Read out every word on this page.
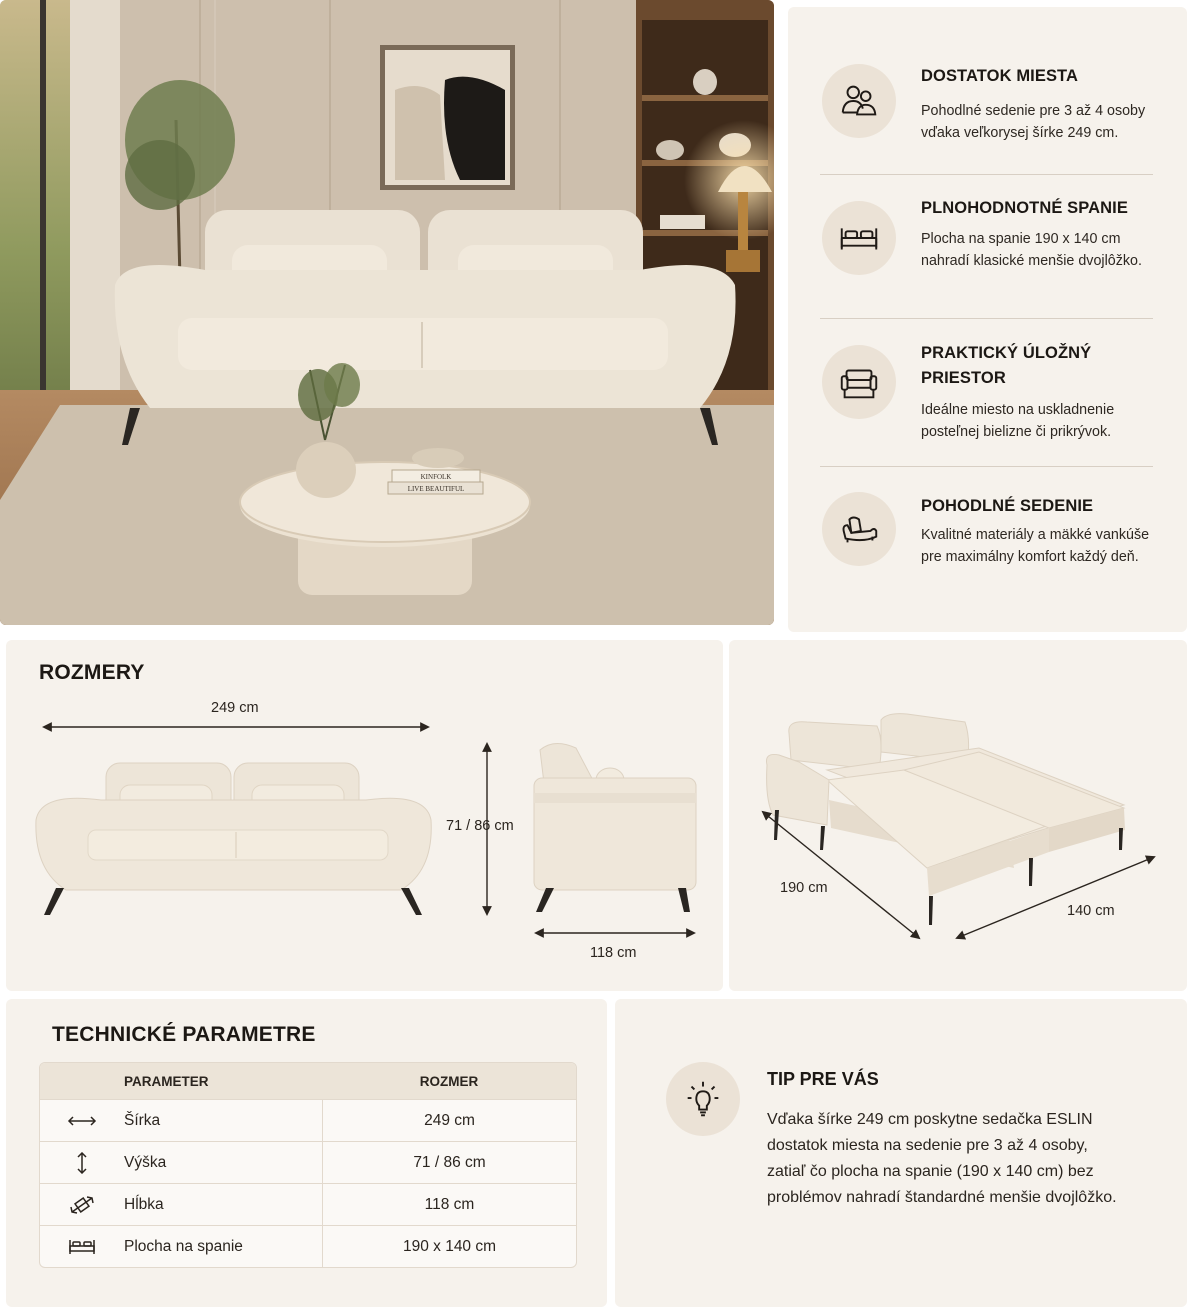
KINFOLK
LIVE BEAUTIFUL
DOSTATOK MIESTA
Pohodlné sedenie pre 3 až 4 osoby vďaka veľkorysej šírke 249 cm.
PLNOHODNOTNÉ SPANIE
Plocha na spanie 190 x 140 cm nahradí klasické menšie dvojlôžko.
PRAKTICKÝ ÚLOŽNÝ PRIESTOR
Ideálne miesto na uskladnenie posteľnej bielizne či prikrývok.
POHODLNÉ SEDENIE
Kvalitné materiály a mäkké vankúše pre maximálny komfort každý deň.
ROZMERY
249 cm
71 / 86 cm
118 cm
190 cm
140 cm
TECHNICKÉ PARAMETRE
	PARAMETER	ROZMER
	Šírka	249 cm
	Výška	71 / 86 cm
	Hĺbka	118 cm
	Plocha na spanie	190 x 140 cm
TIP PRE VÁS
Vďaka šírke 249 cm poskytne sedačka ESLIN dostatok miesta na sedenie pre 3 až 4 osoby, zatiaľ čo plocha na spanie (190 x 140 cm) bez problémov nahradí štandardné menšie dvojlôžko.
